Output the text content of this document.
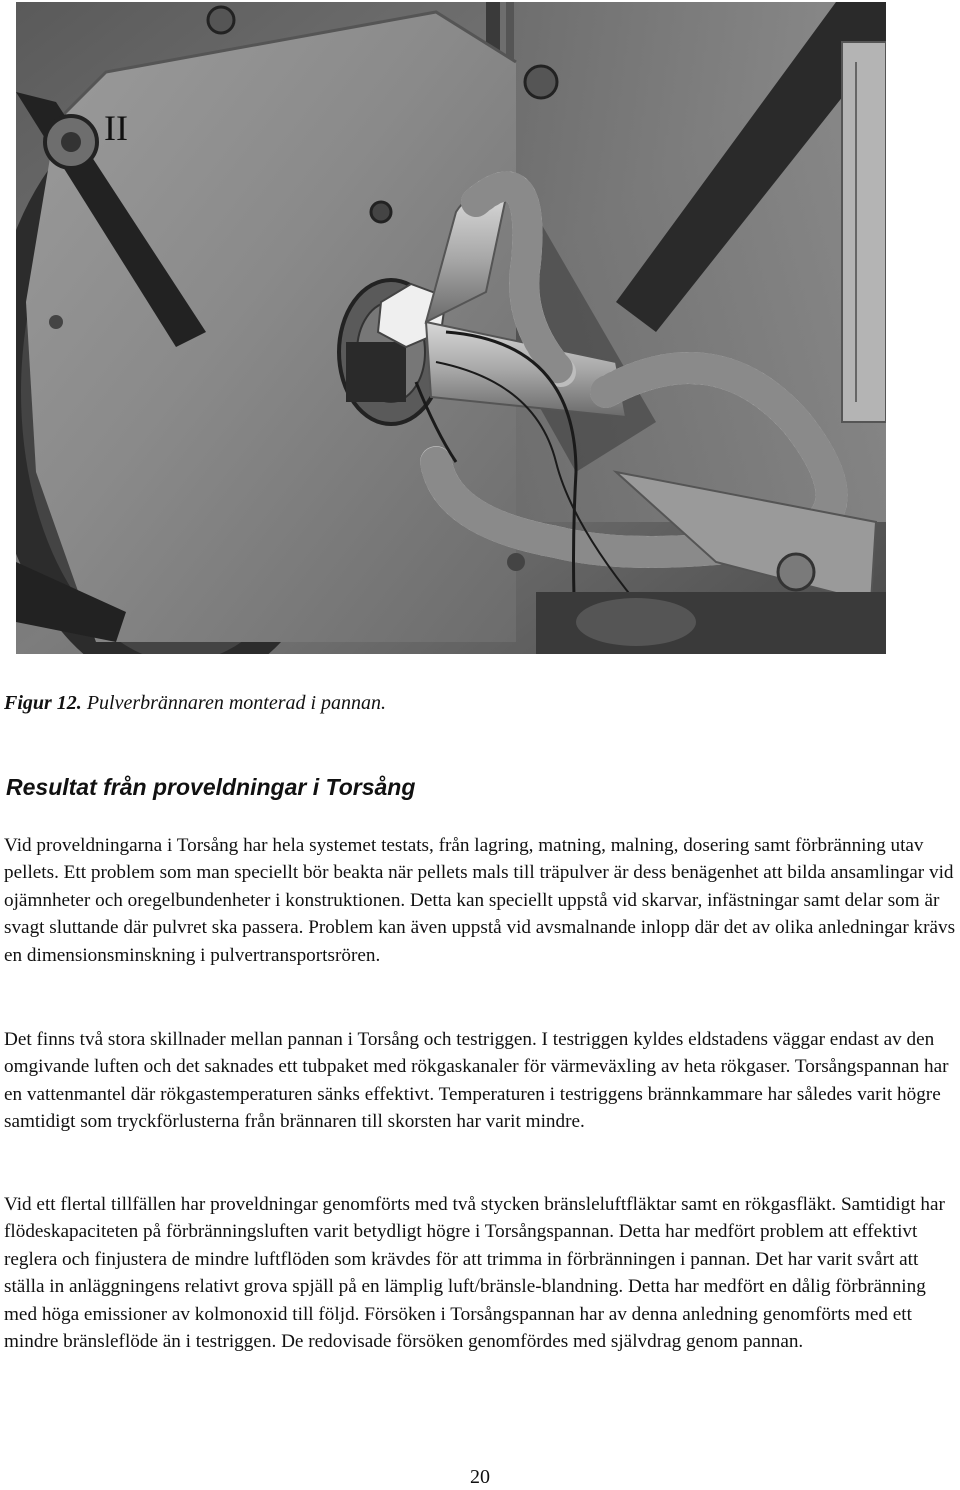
II
Figur 12. Pulverbrännaren monterad i pannan.
Resultat från proveldningar i Torsång

Vid proveldningarna i Torsång har hela systemet testats, från lagring, matning, malning, dosering samt förbränning utav pellets. Ett problem som man speciellt bör beakta när pellets mals till träpulver är dess benägenhet att bilda ansamlingar vid ojämnheter och oregelbundenheter i konstruktionen. Detta kan speciellt uppstå vid skarvar, infästningar samt delar som är svagt sluttande där pulvret ska passera. Problem kan även uppstå vid avsmalnande inlopp där det av olika anledningar krävs en dimensionsminskning i pulvertransportsrören.

Det finns två stora skillnader mellan pannan i Torsång och testriggen. I testriggen kyldes eldstadens väggar endast av den omgivande luften och det saknades ett tubpaket med rökgaskanaler för värmeväxling av heta rökgaser. Torsångspannan har en vattenmantel där rökgastemperaturen sänks effektivt. Temperaturen i testriggens brännkammare har således varit högre samtidigt som tryckförlusterna från brännaren till skorsten har varit mindre.

Vid ett flertal tillfällen har proveldningar genomförts med två stycken bränsleluftfläktar samt en rökgasfläkt. Samtidigt har flödeskapaciteten på förbränningsluften varit betydligt högre i Torsångspannan. Detta har medfört problem att effektivt reglera och finjustera de mindre luftflöden som krävdes för att trimma in förbränningen i pannan. Det har varit svårt att ställa in anläggningens relativt grova spjäll på en lämplig luft/bränsle-blandning. Detta har medfört en dålig förbränning med höga emissioner av kolmonoxid till följd. Försöken i Torsångspannan har av denna anledning genomförts med ett mindre bränsleflöde än i testriggen. De redovisade försöken genomfördes med självdrag genom pannan.

20
